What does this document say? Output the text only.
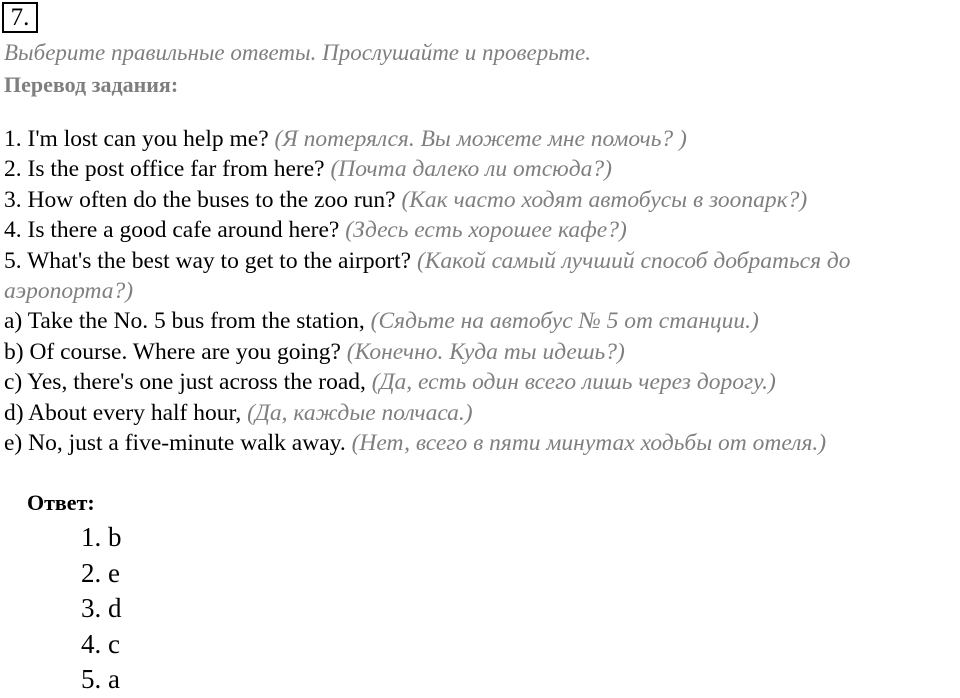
7.
Выберите правильные ответы. Прослушайте и проверьте.
Перевод задания:
1. I'm lost can you help me? (Я потерялся. Вы можете мне помочь? )
2. Is the post office far from here? (Почта далеко ли отсюда?)
3. How often do the buses to the zoo run? (Как часто ходят автобусы в зоопарк?)
4. Is there a good cafe around here? (Здесь есть хорошее кафе?)
5. What's the best way to get to the airport? (Какой самый лучший способ добраться до
аэропорта?)
a) Take the No. 5 bus from the station, (Сядьте на автобус № 5 от станции.)
b) Of course. Where are you going? (Конечно. Куда ты идешь?)
c) Yes, there's one just across the road, (Да, есть один всего лишь через дорогу.)
d) About every half hour, (Да, каждые полчаса.)
e) No, just a five-minute walk away. (Нет, всего в пяти минутах ходьбы от отеля.)
Ответ:
1. b
2. e
3. d
4. c
5. a
